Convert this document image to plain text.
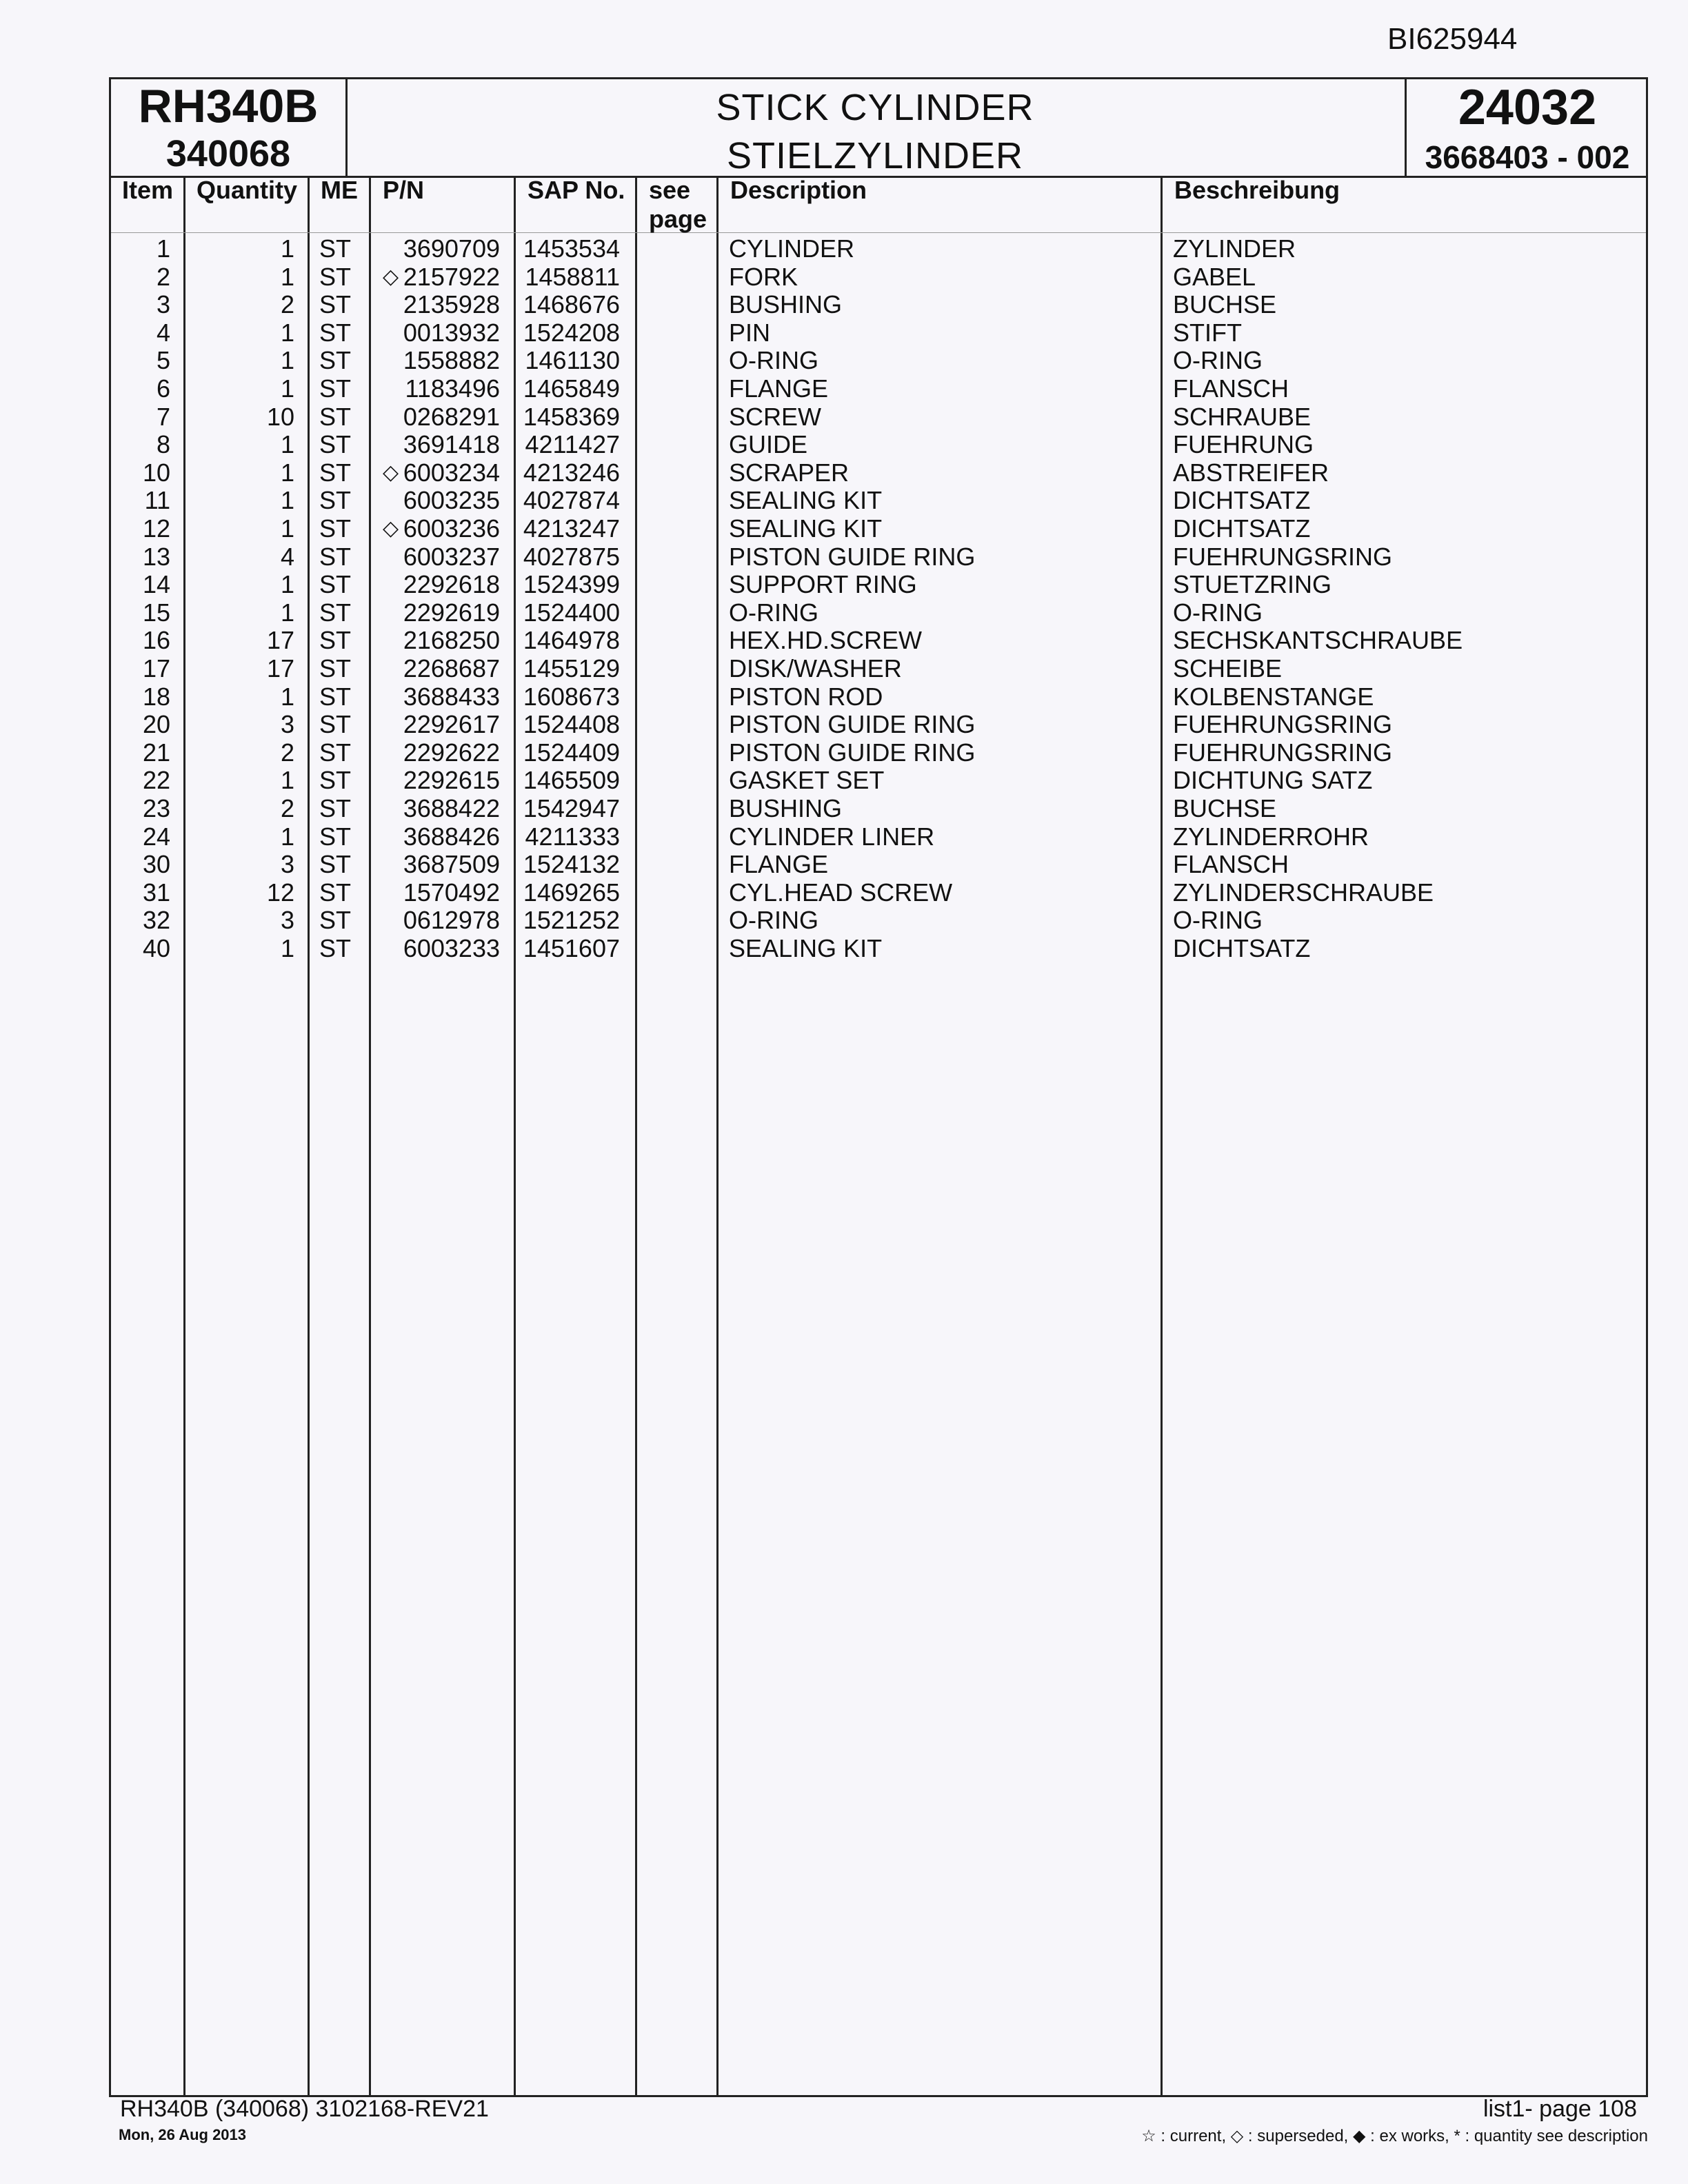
BI625944
RH340B
340068
STICK CYLINDER
STIELZYLINDER
24032
3668403 - 002
Item Quantity ME P/N	SAP No. see
page
Description	Beschreibung
1	1 ST 3690709 1453534	CYLINDER	ZYLINDER
2	1 ST ◇ 2157922 1458811	FORK	GABEL
3	2 ST 2135928 1468676	BUSHING	BUCHSE
4	1 ST 0013932 1524208	PIN	STIFT
5	1 ST 1558882 1461130	O-RING	O-RING
6	1 ST 1183496 1465849	FLANGE	FLANSCH
7	10 ST 0268291 1458369	SCREW	SCHRAUBE
8	1 ST 3691418 4211427	GUIDE	FUEHRUNG
10	1 ST ◇ 6003234 4213246	SCRAPER	ABSTREIFER
11	1 ST 6003235 4027874	SEALING KIT	DICHTSATZ
12	1 ST ◇ 6003236 4213247	SEALING KIT	DICHTSATZ
13	4 ST 6003237 4027875	PISTON GUIDE RING	FUEHRUNGSRING
14	1 ST 2292618 1524399	SUPPORT RING	STUETZRING
15	1 ST 2292619 1524400	O-RING	O-RING
16	17 ST 2168250 1464978	HEX.HD.SCREW	SECHSKANTSCHRAUBE
17	17 ST 2268687 1455129	DISK/WASHER	SCHEIBE
18	1 ST 3688433 1608673	PISTON ROD	KOLBENSTANGE
20	3 ST 2292617 1524408	PISTON GUIDE RING	FUEHRUNGSRING
21	2 ST 2292622 1524409	PISTON GUIDE RING	FUEHRUNGSRING
22	1 ST 2292615 1465509	GASKET SET	DICHTUNG SATZ
23	2 ST 3688422 1542947	BUSHING	BUCHSE
24	1 ST 3688426 4211333	CYLINDER LINER	ZYLINDERROHR
30	3 ST 3687509 1524132	FLANGE	FLANSCH
31	12 ST 1570492 1469265	CYL.HEAD SCREW	ZYLINDERSCHRAUBE
32	3 ST 0612978 1521252	O-RING	O-RING
40	1 ST 6003233 1451607	SEALING KIT	DICHTSATZ
RH340B (340068) 3102168-REV21
Mon, 26 Aug 2013
list1- page 108
☆ : current, ◇ : superseded, ◆ : ex works, * : quantity see description
